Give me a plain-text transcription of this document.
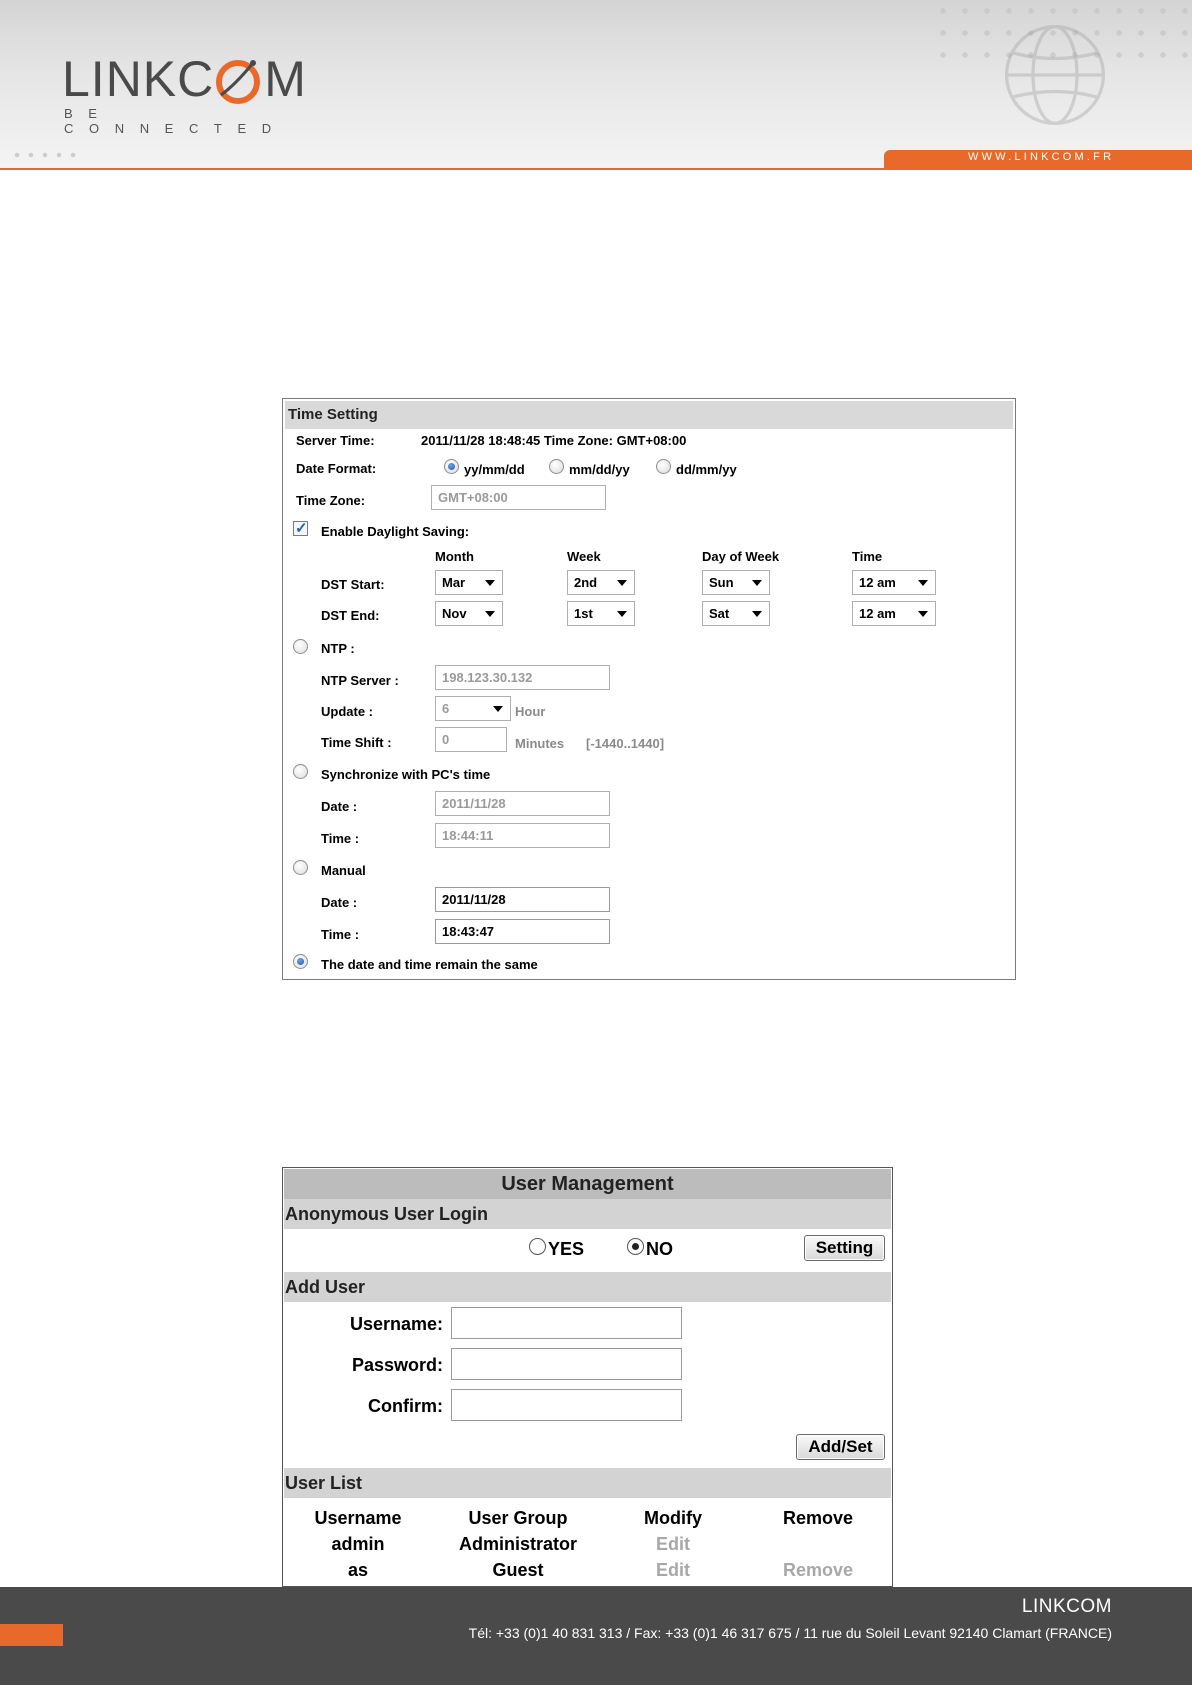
LINKC M
BE CONNECTED
WWW.LINKCOM.FR
Time Setting
Server Time:	2011/11/28 18:48:45 Time Zone: GMT+08:00
Date Format:	yy/mm/dd	mm/dd/yy	dd/mm/yy
Time Zone:	GMT+08:00
✓
Enable Daylight Saving:
Month	Week	Day of Week	Time
DST Start:	Mar	2nd	Sun	12 am
DST End:	Nov	1st	Sat	12 am
NTP :
NTP Server :	198.123.30.132
Update :	6	Hour
Time Shift :	0	Minutes [-1440..1440]
Synchronize with PC's time
Date :	2011/11/28
Time :	18:44:11
Manual
Date :	2011/11/28
Time :	18:43:47
The date and time remain the same
User Management
Anonymous User Login
YES	NO	Setting
Add User
Username:
Password:
Confirm:
Add/Set
User List
Username	User Group	Modify	Remove
admin	Administrator	Edit
as	Guest	Edit	Remove
LINKCOM
Tél: +33 (0)1 40 831 313 / Fax: +33 (0)1 46 317 675 / 11 rue du Soleil Levant 92140 Clamart (FRANCE)
